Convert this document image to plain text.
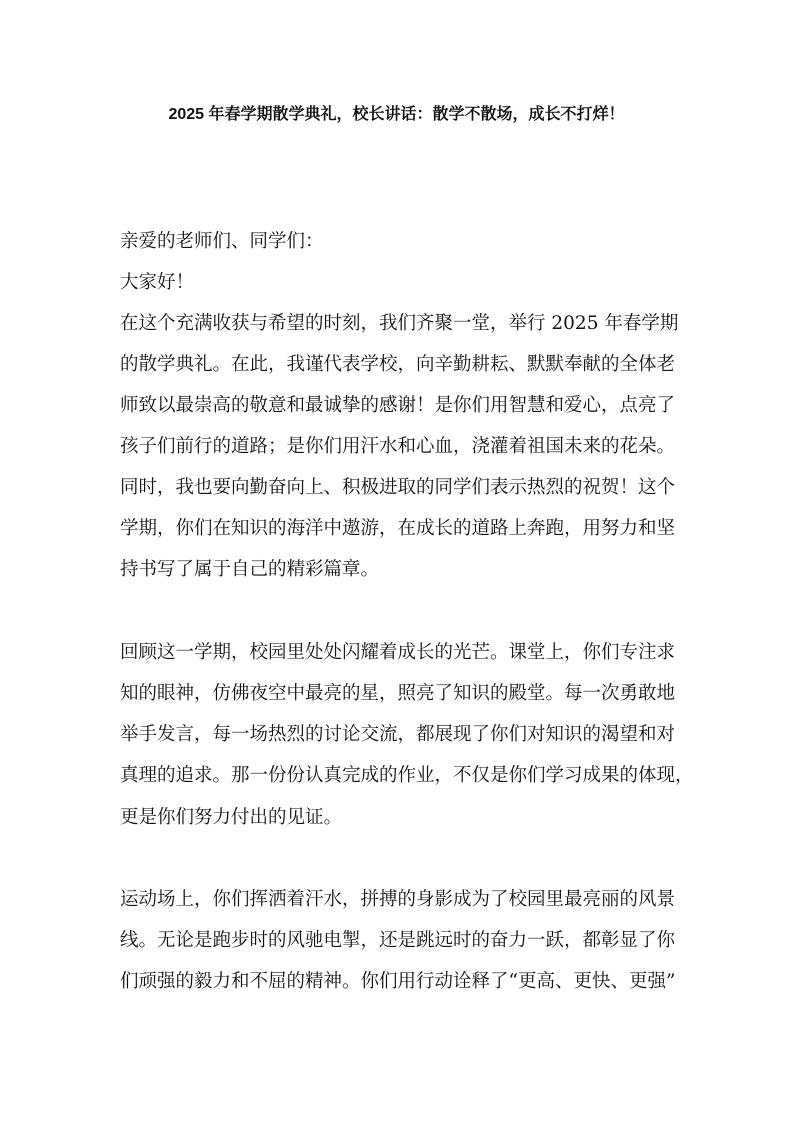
2025 年春学期散学典礼，校长讲话：散学不散场，成长不打烊！
亲爱的老师们、同学们：
大家好！
在这个充满收获与希望的时刻，我们齐聚一堂，举行 2025 年春学期
的散学典礼。在此，我谨代表学校，向辛勤耕耘、默默奉献的全体老
师致以最崇高的敬意和最诚挚的感谢！是你们用智慧和爱心，点亮了
孩子们前行的道路；是你们用汗水和心血，浇灌着祖国未来的花朵。
同时，我也要向勤奋向上、积极进取的同学们表示热烈的祝贺！这个
学期，你们在知识的海洋中遨游，在成长的道路上奔跑，用努力和坚
持书写了属于自己的精彩篇章。
回顾这一学期，校园里处处闪耀着成长的光芒。课堂上，你们专注求
知的眼神，仿佛夜空中最亮的星，照亮了知识的殿堂。每一次勇敢地
举手发言，每一场热烈的讨论交流，都展现了你们对知识的渴望和对
真理的追求。那一份份认真完成的作业，不仅是你们学习成果的体现，
更是你们努力付出的见证。
运动场上，你们挥洒着汗水，拼搏的身影成为了校园里最亮丽的风景
线。无论是跑步时的风驰电掣，还是跳远时的奋力一跃，都彰显了你
们顽强的毅力和不屈的精神。你们用行动诠释了“更高、更快、更强”
